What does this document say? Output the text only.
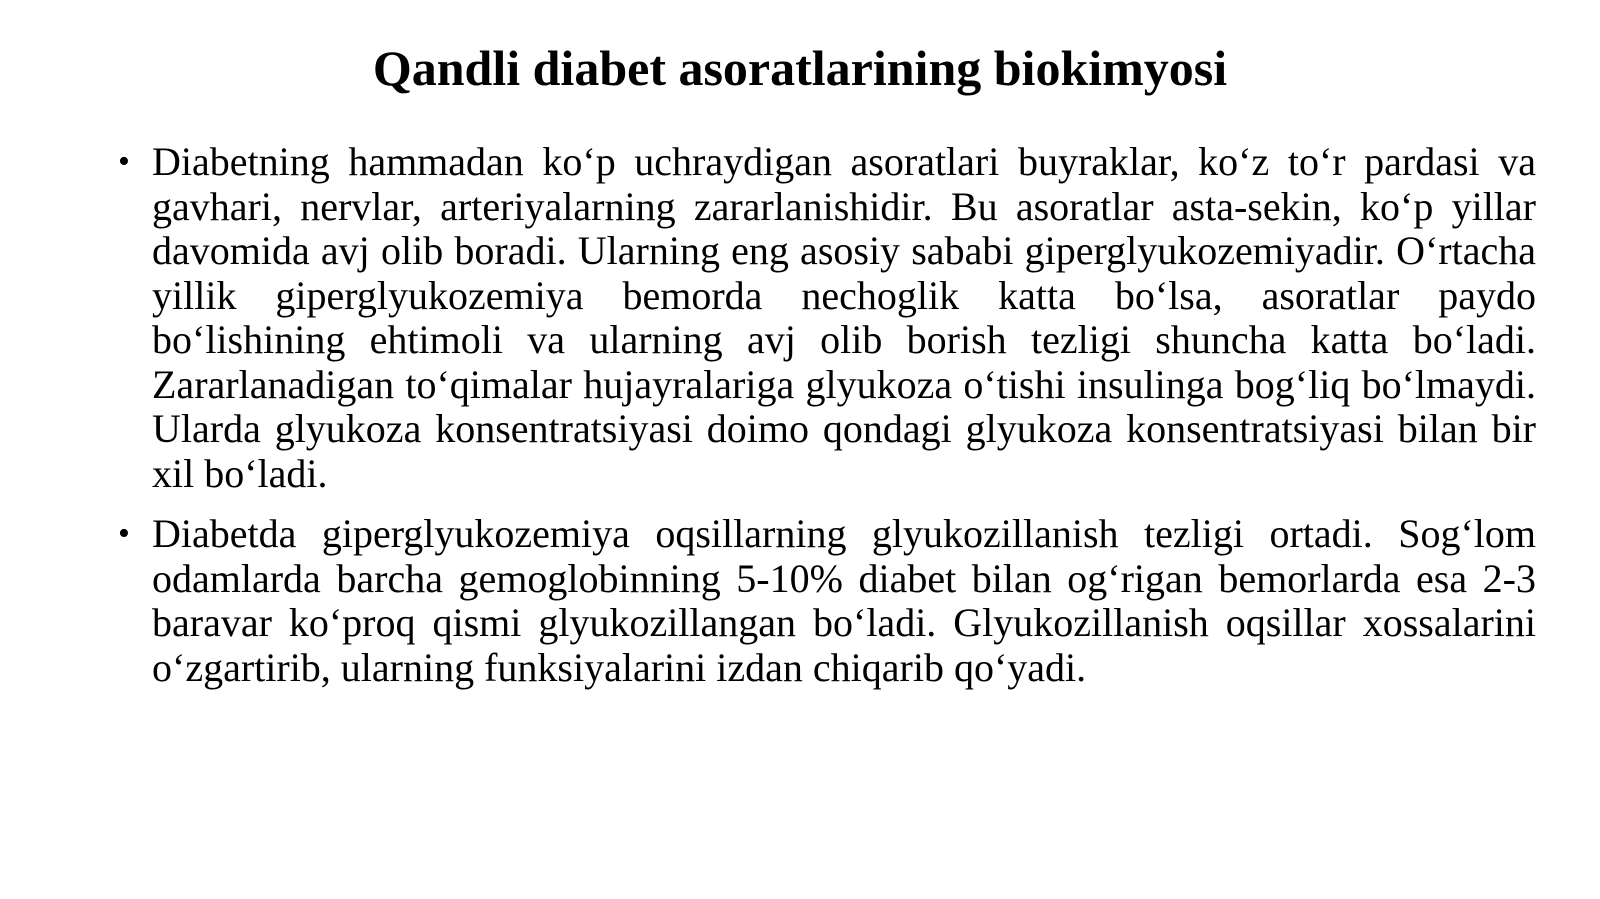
Qandli diabet asoratlarining biokimyosi
• Diabetning hammadan koʻp uchraydigan asoratlari buyraklar, koʻz toʻr pardasi va gavhari, nervlar, arteriyalarning zararlanishidir. Bu asoratlar asta-sekin, koʻp yillar davomida avj olib boradi. Ularning eng asosiy sababi giperglyukozemiyadir. Oʻrtacha yillik giperglyukozemiya bemorda nechoglik katta boʻlsa, asoratlar paydo boʻlishining ehtimoli va ularning avj olib borish tezligi shuncha katta boʻladi. Zararlanadigan toʻqimalar hujayralariga glyukoza oʻtishi insulinga bogʻliq boʻlmaydi. Ularda glyukoza konsentratsiyasi doimo qondagi glyukoza konsentratsiyasi bilan bir xil boʻladi.
• Diabetda giperglyukozemiya oqsillarning glyukozillanish tezligi ortadi. Sogʻlom odamlarda barcha gemoglobinning 5-10% diabet bilan ogʻrigan bemorlarda esa 2-3 baravar koʻproq qismi glyukozillangan boʻladi. Glyukozillanish oqsillar xossalarini oʻzgartirib, ularning funksiyalarini izdan chiqarib qoʻyadi.
